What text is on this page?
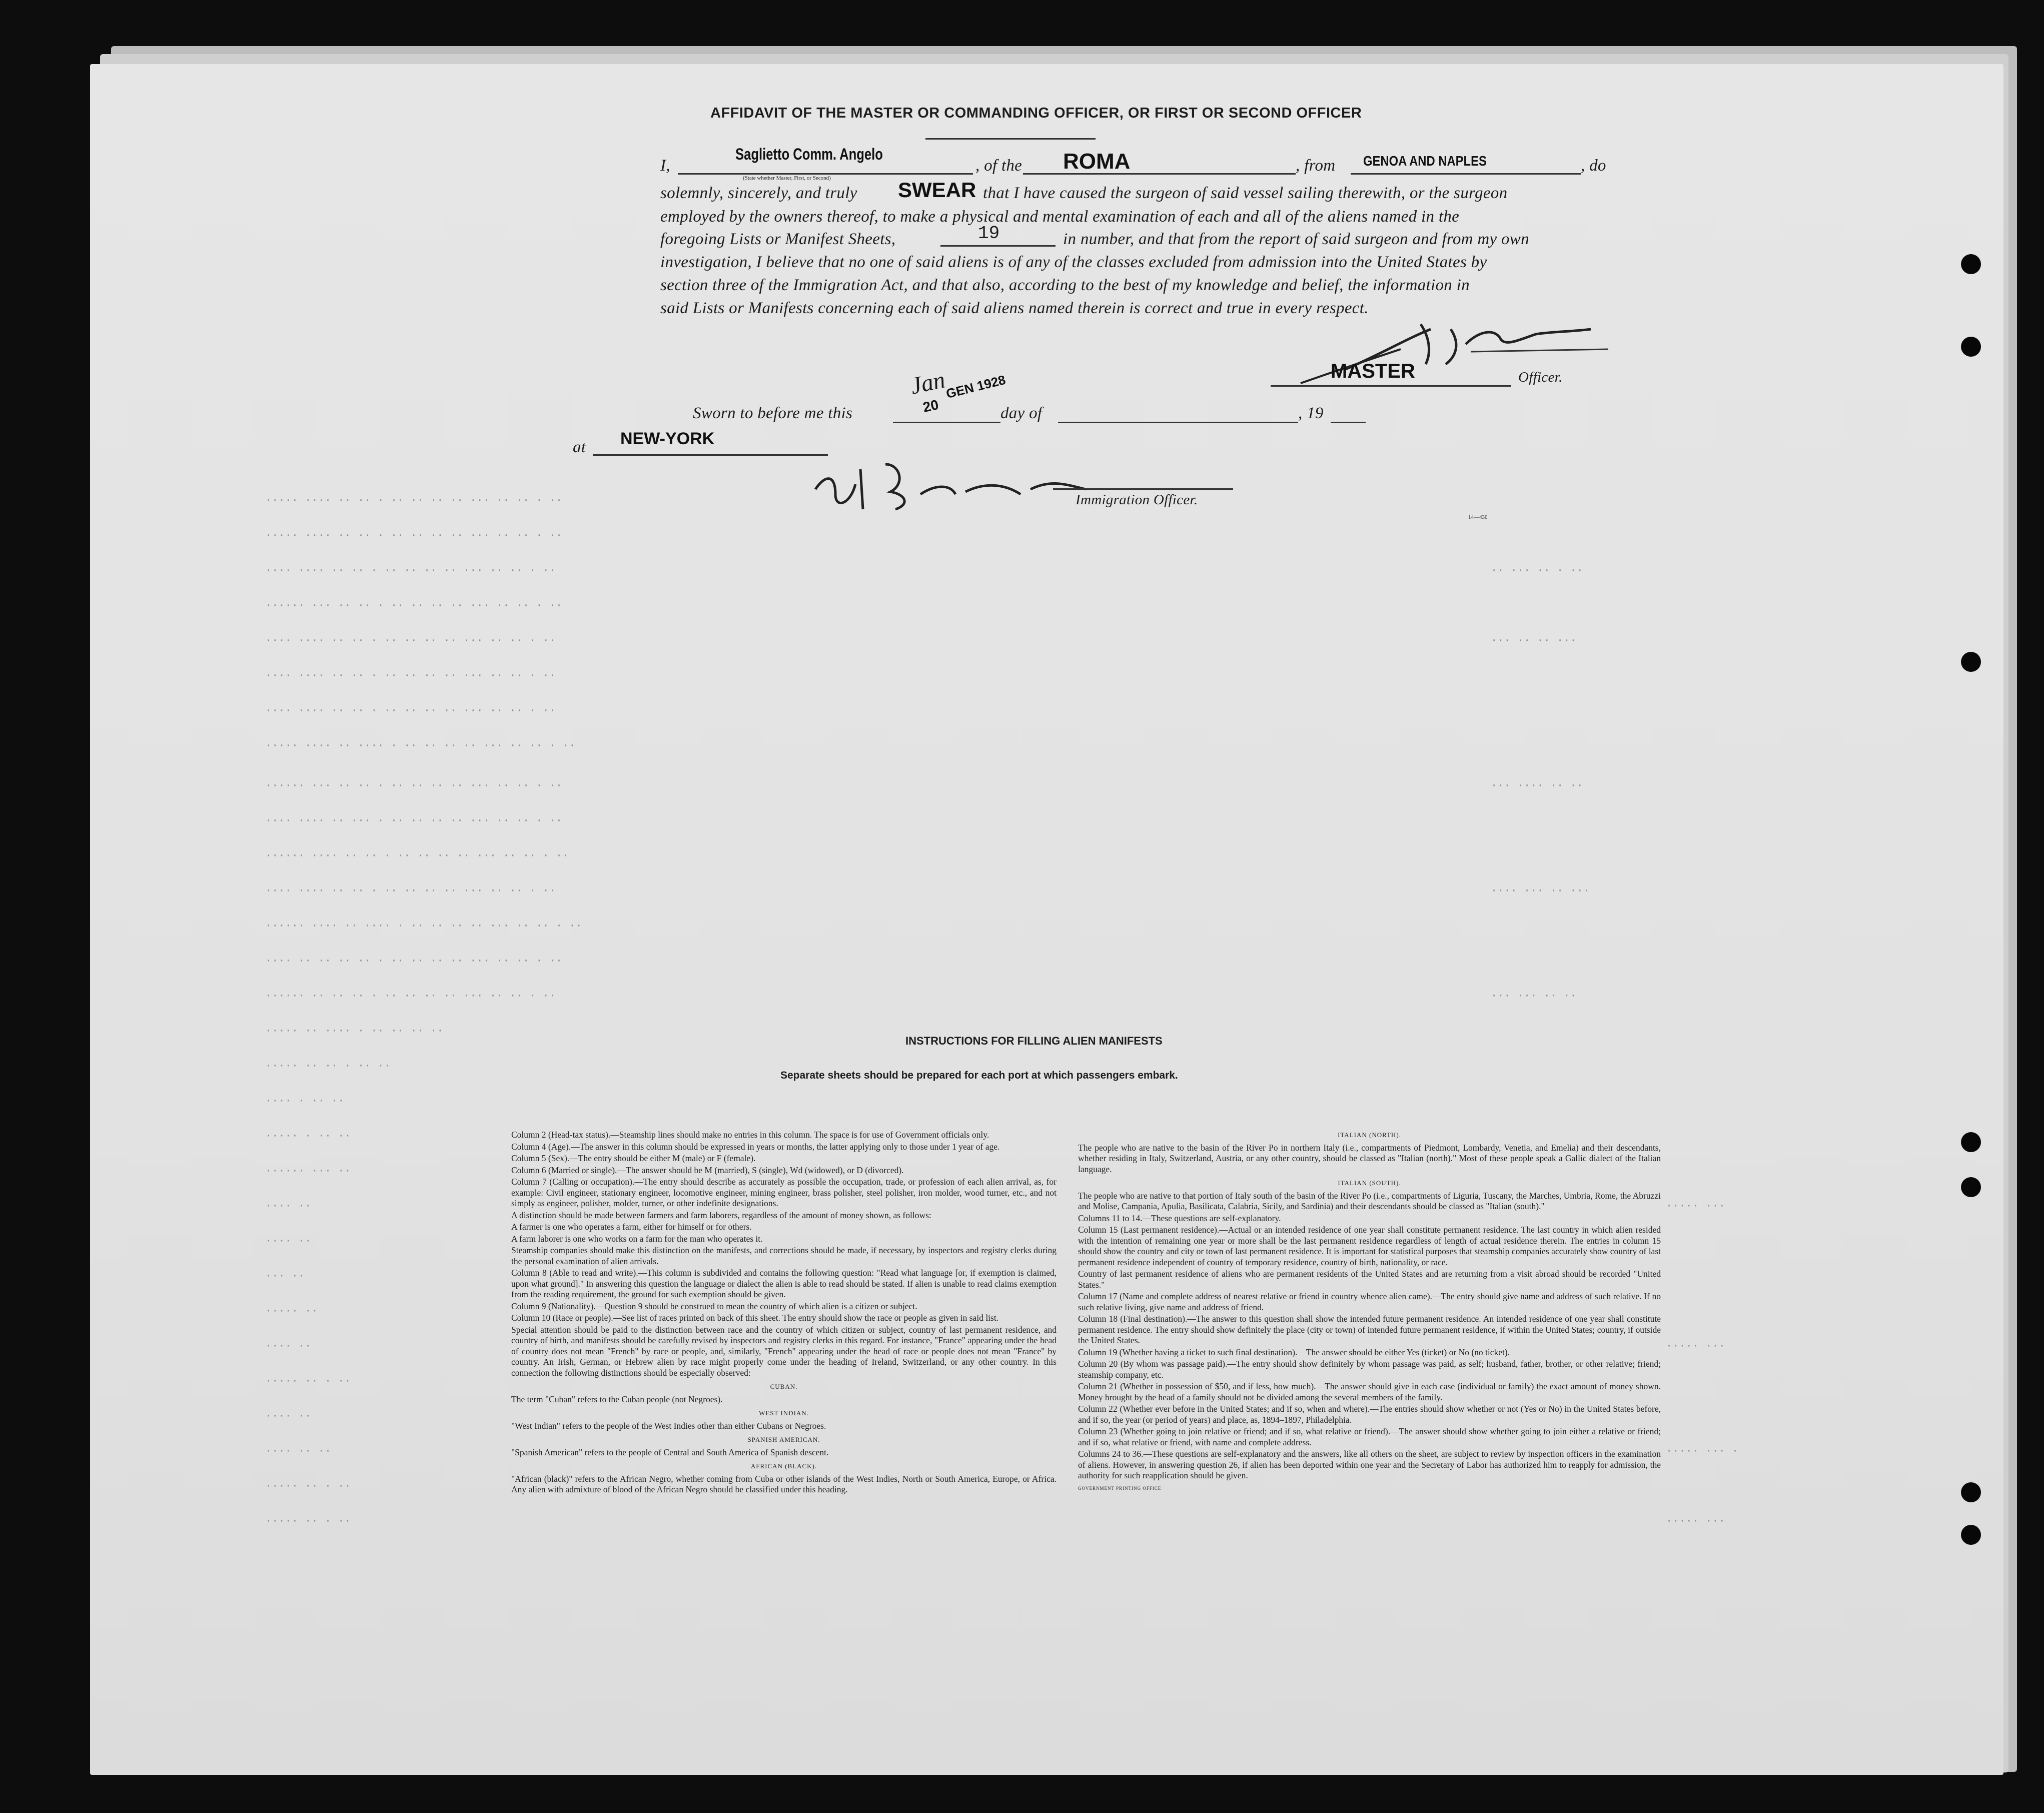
····· ···· ·· ·· · ·· ·· ·· ·· ··· ·· ·· · ··
····· ···· ·· ·· · ·· ·· ·· ·· ··· ·· ·· · ··
···· ···· ·· ·· · ·· ·· ·· ·· ··· ·· ·· · ··
······ ··· ·· ·· · ·· ·· ·· ·· ··· ·· ·· · ··
···· ···· ·· ·· · ·· ·· ·· ·· ··· ·· ·· · ··
···· ···· ·· ·· · ·· ·· ·· ·· ··· ·· ·· · ··
···· ···· ·· ·· · ·· ·· ·· ·· ··· ·· ·· · ··
····· ···· ·· ···· · ·· ·· ·· ·· ··· ·· ·· · ··
······ ··· ·· ·· · ·· ·· ·· ·· ··· ·· ·· · ··
···· ···· ·· ··· · ·· ·· ·· ·· ··· ·· ·· · ··
······ ···· ·· ·· · ·· ·· ·· ·· ··· ·· ·· · ··
···· ···· ·· ·· · ·· ·· ·· ·· ··· ·· ·· · ··
······ ···· ·· ···· · ·· ·· ·· ·· ··· ·· ·· · ··
···· ·· ·· ·· ·· · ·· ·· ·· ·· ··· ·· ·· · ··
······ ·· ·· ·· · ·· ·· ·· ·· ··· ·· ·· · ··
····· ·· ···· · ·· ·· ·· ··
····· ·· ·· · ·· ··
···· · ·· ··
····· · ·· ··
······ ··· ··
···· ··
···· ··
··· ··
····· ··
···· ··
····· ·· · ··
···· ··
···· ·· ··
····· ·· · ··
····· ·· · ··
·· ··· ·· · ··
··· ·· ·· ···
··· ···· ·· ··
···· ··· ·· ···
··· ··· ·· ··
····· ···
····· ···
····· ··· ·
····· ···
AFFIDAVIT OF THE MASTER OR COMMANDING OFFICER, OR FIRST OR SECOND OFFICER
I,
Saglietto Comm. Angelo
(State whether Master, First, or Second)
, of the ROMA	, from GENOA AND NAPLES	, do
solemnly, sincerely, and truly SWEAR that I have caused the surgeon of said vessel sailing therewith, or the surgeon
employed by the owners thereof, to make a physical and mental examination of each and all of the aliens named in the
foregoing Lists or Manifest Sheets,	19	in number, and that from the report of said surgeon and from my own
investigation, I believe that no one of said aliens is of any of the classes excluded from admission into the United States by
section three of the Immigration Act, and that also, according to the best of my knowledge and belief, the information in
said Lists or Manifests concerning each of said aliens named therein is correct and true in every respect.
MASTER	Officer.
Sworn to before me this
Jan
20
GEN 1928
day of	, 19
at NEW-YORK
Immigration Officer.
14—430
INSTRUCTIONS FOR FILLING ALIEN MANIFESTS
Separate sheets should be prepared for each port at which passengers embark.

Column 2 (Head-tax status).—Steamship lines should make no entries in this column. The space is for use of Government officials only.

Column 4 (Age).—The answer in this column should be expressed in years or months, the latter applying only to those under 1 year of age.

Column 5 (Sex).—The entry should be either M (male) or F (female).

Column 6 (Married or single).—The answer should be M (married), S (single), Wd (widowed), or D (divorced).

Column 7 (Calling or occupation).—The entry should describe as accurately as possible the occupation, trade, or profession of each alien arrival, as, for example: Civil engineer, stationary engineer, locomotive engineer, mining engineer, brass polisher, steel polisher, iron molder, wood turner, etc., and not simply as engineer, polisher, molder, turner, or other indefinite designations.

A distinction should be made between farmers and farm laborers, regardless of the amount of money shown, as follows:

A farmer is one who operates a farm, either for himself or for others.

A farm laborer is one who works on a farm for the man who operates it.

Steamship companies should make this distinction on the manifests, and corrections should be made, if necessary, by inspectors and registry clerks during the personal examination of alien arrivals.

Column 8 (Able to read and write).—This column is subdivided and contains the following question: "Read what language [or, if exemption is claimed, upon what ground]." In answering this question the language or dialect the alien is able to read should be stated. If alien is unable to read claims exemption from the reading requirement, the ground for such exemption should be given.

Column 9 (Nationality).—Question 9 should be construed to mean the country of which alien is a citizen or subject.

Column 10 (Race or people).—See list of races printed on back of this sheet. The entry should show the race or people as given in said list.

Special attention should be paid to the distinction between race and the country of which citizen or subject, country of last permanent residence, and country of birth, and manifests should be carefully revised by inspectors and registry clerks in this regard. For instance, "France" appearing under the head of country does not mean "French" by race or people, and, similarly, "French" appearing under the head of race or people does not mean "France" by country. An Irish, German, or Hebrew alien by race might properly come under the heading of Ireland, Switzerland, or any other country. In this connection the following distinctions should be especially observed:

CUBAN.

The term "Cuban" refers to the Cuban people (not Negroes).

WEST INDIAN.

"West Indian" refers to the people of the West Indies other than either Cubans or Negroes.

SPANISH AMERICAN.

"Spanish American" refers to the people of Central and South America of Spanish descent.

AFRICAN (BLACK).

"African (black)" refers to the African Negro, whether coming from Cuba or other islands of the West Indies, North or South America, Europe, or Africa. Any alien with admixture of blood of the African Negro should be classified under this heading.

ITALIAN (NORTH).

The people who are native to the basin of the River Po in northern Italy (i.e., compartments of Piedmont, Lombardy, Venetia, and Emelia) and their descendants, whether residing in Italy, Switzerland, Austria, or any other country, should be classed as "Italian (north)." Most of these people speak a Gallic dialect of the Italian language.

ITALIAN (SOUTH).

The people who are native to that portion of Italy south of the basin of the River Po (i.e., compartments of Liguria, Tuscany, the Marches, Umbria, Rome, the Abruzzi and Molise, Campania, Apulia, Basilicata, Calabria, Sicily, and Sardinia) and their descendants should be classed as "Italian (south)."

Columns 11 to 14.—These questions are self-explanatory.

Column 15 (Last permanent residence).—Actual or an intended residence of one year shall constitute permanent residence. The last country in which alien resided with the intention of remaining one year or more shall be the last permanent residence regardless of length of actual residence therein. The entries in column 15 should show the country and city or town of last permanent residence. It is important for statistical purposes that steamship companies accurately show country of last permanent residence independent of country of temporary residence, country of birth, nationality, or race.

Country of last permanent residence of aliens who are permanent residents of the United States and are returning from a visit abroad should be recorded "United States."

Column 17 (Name and complete address of nearest relative or friend in country whence alien came).—The entry should give name and address of such relative. If no such relative living, give name and address of friend.

Column 18 (Final destination).—The answer to this question shall show the intended future permanent residence. An intended residence of one year shall constitute permanent residence. The entry should show definitely the place (city or town) of intended future permanent residence, if within the United States; country, if outside the United States.

Column 19 (Whether having a ticket to such final destination).—The answer should be either Yes (ticket) or No (no ticket).

Column 20 (By whom was passage paid).—The entry should show definitely by whom passage was paid, as self; husband, father, brother, or other relative; friend; steamship company, etc.

Column 21 (Whether in possession of $50, and if less, how much).—The answer should give in each case (individual or family) the exact amount of money shown. Money brought by the head of a family should not be divided among the several members of the family.

Column 22 (Whether ever before in the United States; and if so, when and where).—The entries should show whether or not (Yes or No) in the United States before, and if so, the year (or period of years) and place, as, 1894–1897, Philadelphia.

Column 23 (Whether going to join relative or friend; and if so, what relative or friend).—The answer should show whether going to join either a relative or friend; and if so, what relative or friend, with name and complete address.

Columns 24 to 36.—These questions are self-explanatory and the answers, like all others on the sheet, are subject to review by inspection officers in the examination of aliens. However, in answering question 26, if alien has been deported within one year and the Secretary of Labor has authorized him to reapply for admission, the authority for such reapplication should be given.

GOVERNMENT PRINTING OFFICE
